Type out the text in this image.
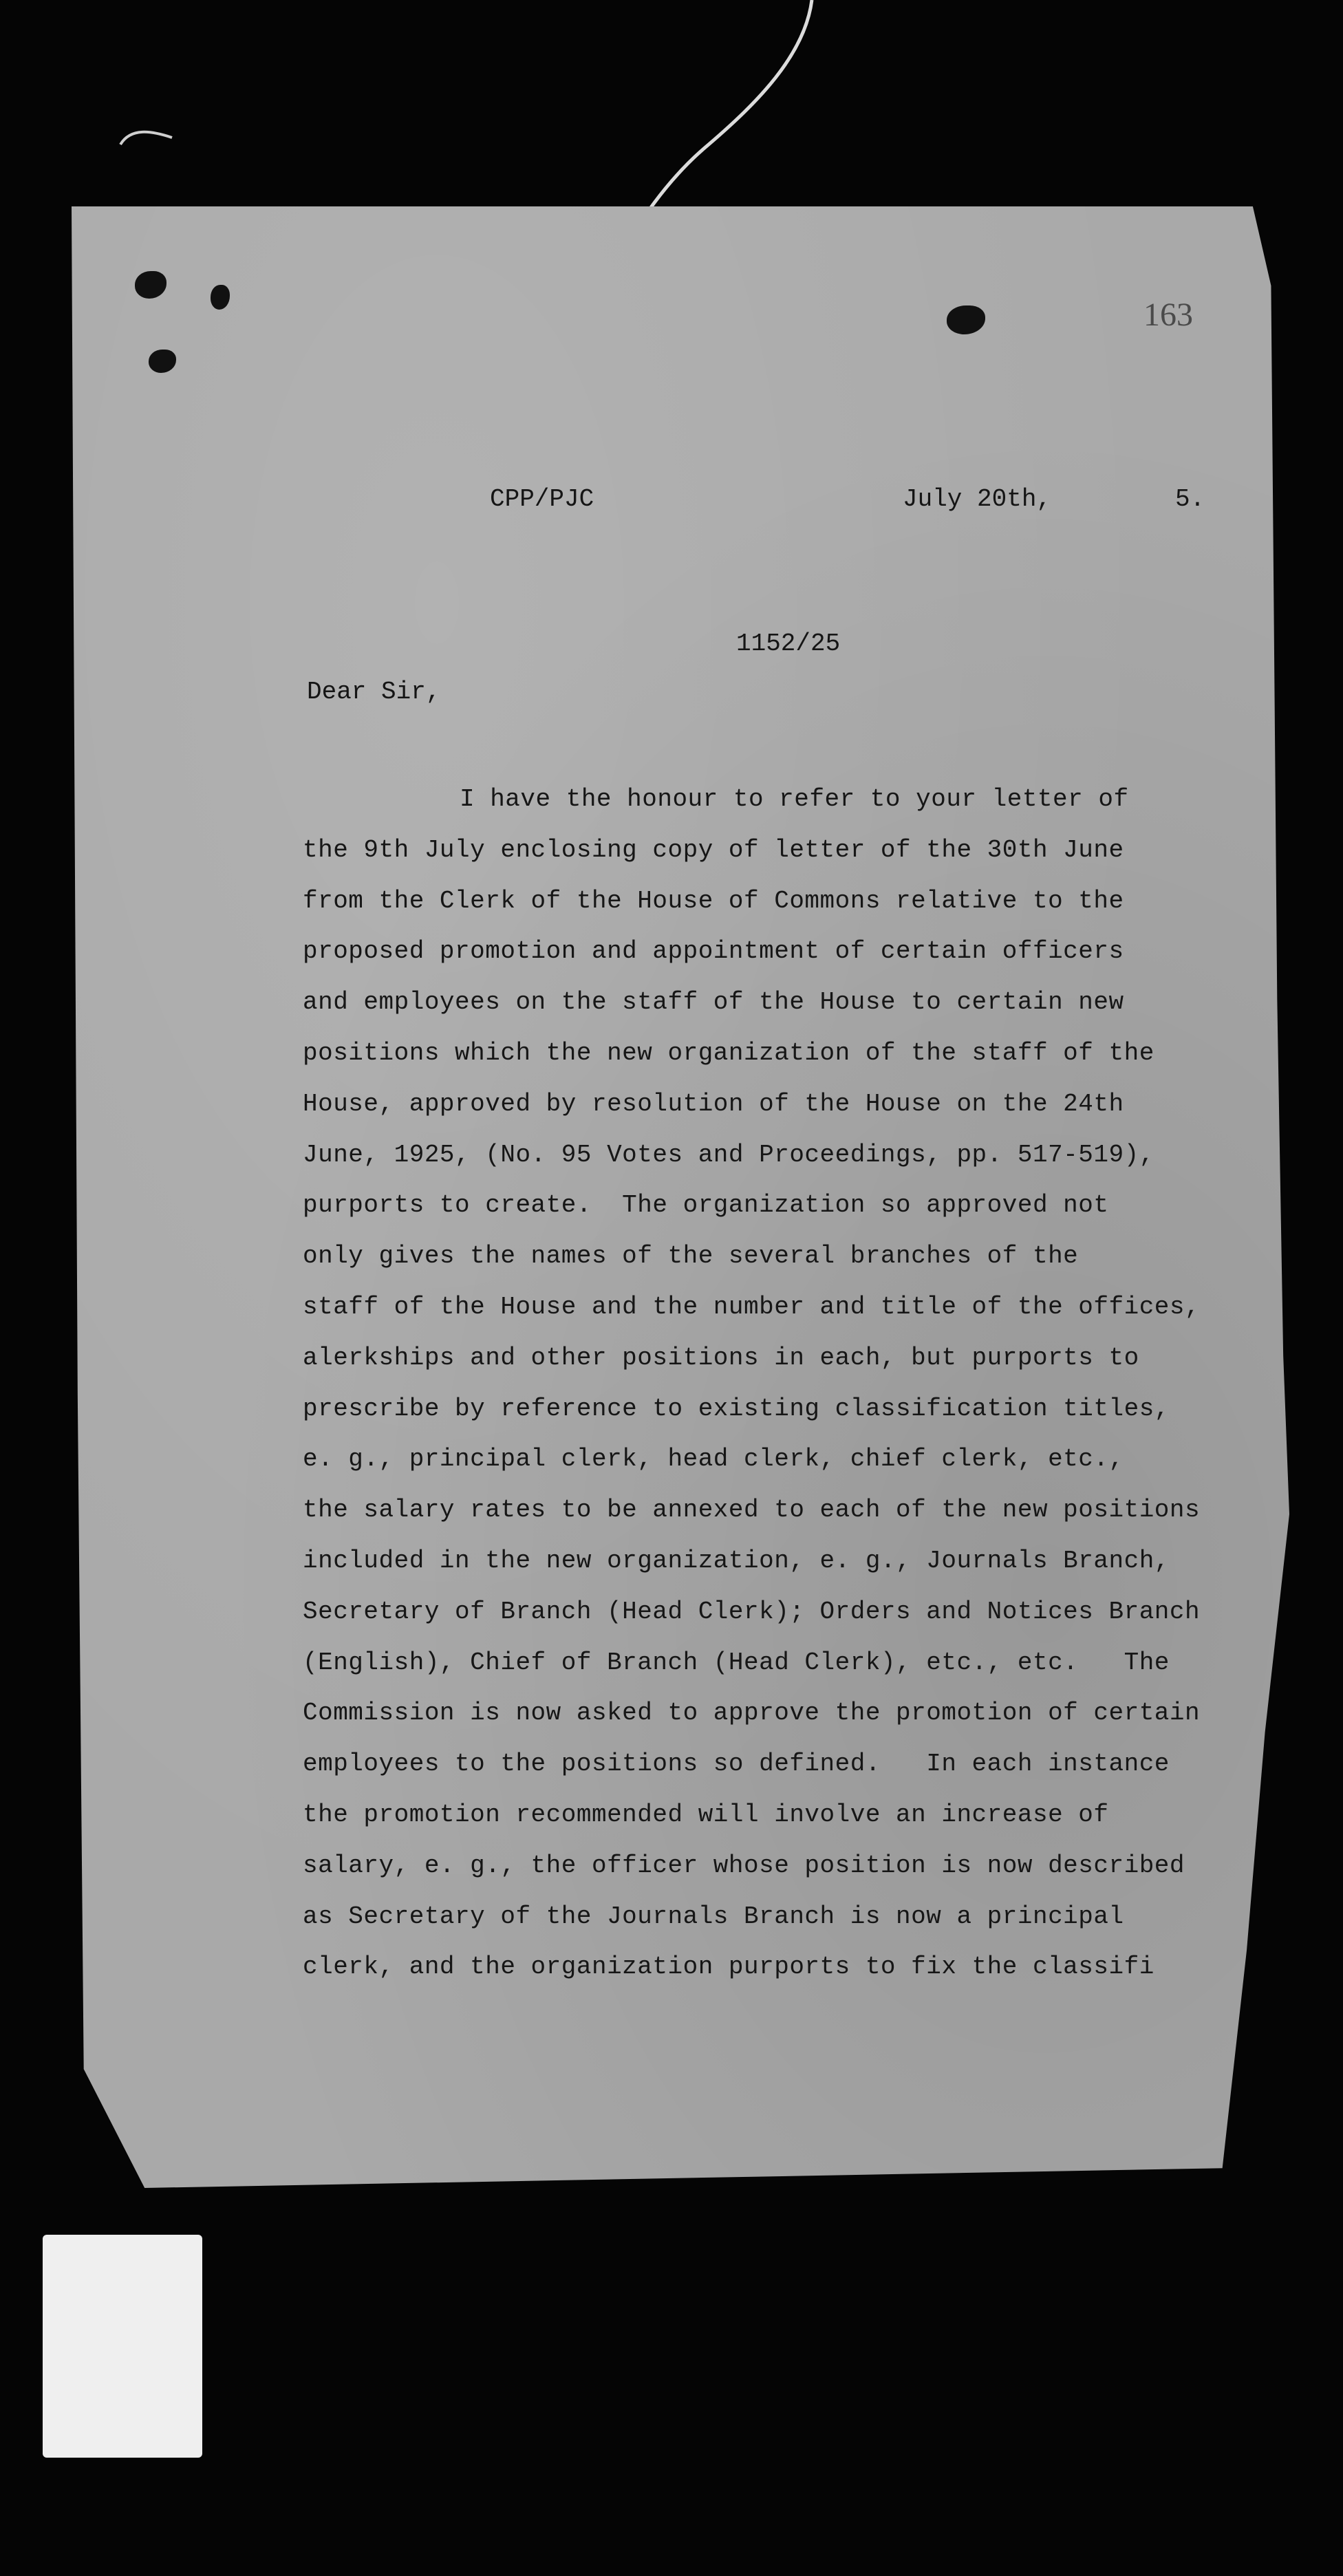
163
CPP/PJC	July 20th,	5.
1152/25
Dear Sir,
I have the honour to refer to your letter of
the 9th July enclosing copy of letter of the 30th June
from the Clerk of the House of Commons relative to the
proposed promotion and appointment of certain officers
and employees on the staff of the House to certain new
positions which the new organization of the staff of the
House, approved by resolution of the House on the 24th
June, 1925, (No. 95 Votes and Proceedings, pp. 517-519),
purports to create.  The organization so approved not
only gives the names of the several branches of the
staff of the House and the number and title of the offices,
alerkships and other positions in each, but purports to
prescribe by reference to existing classification titles,
e. g., principal clerk, head clerk, chief clerk, etc.,
the salary rates to be annexed to each of the new positions
included in the new organization, e. g., Journals Branch,
Secretary of Branch (Head Clerk); Orders and Notices Branch
(English), Chief of Branch (Head Clerk), etc., etc.   The
Commission is now asked to approve the promotion of certain
employees to the positions so defined.   In each instance
the promotion recommended will involve an increase of
salary, e. g., the officer whose position is now described
as Secretary of the Journals Branch is now a principal
clerk, and the organization purports to fix the classifi
